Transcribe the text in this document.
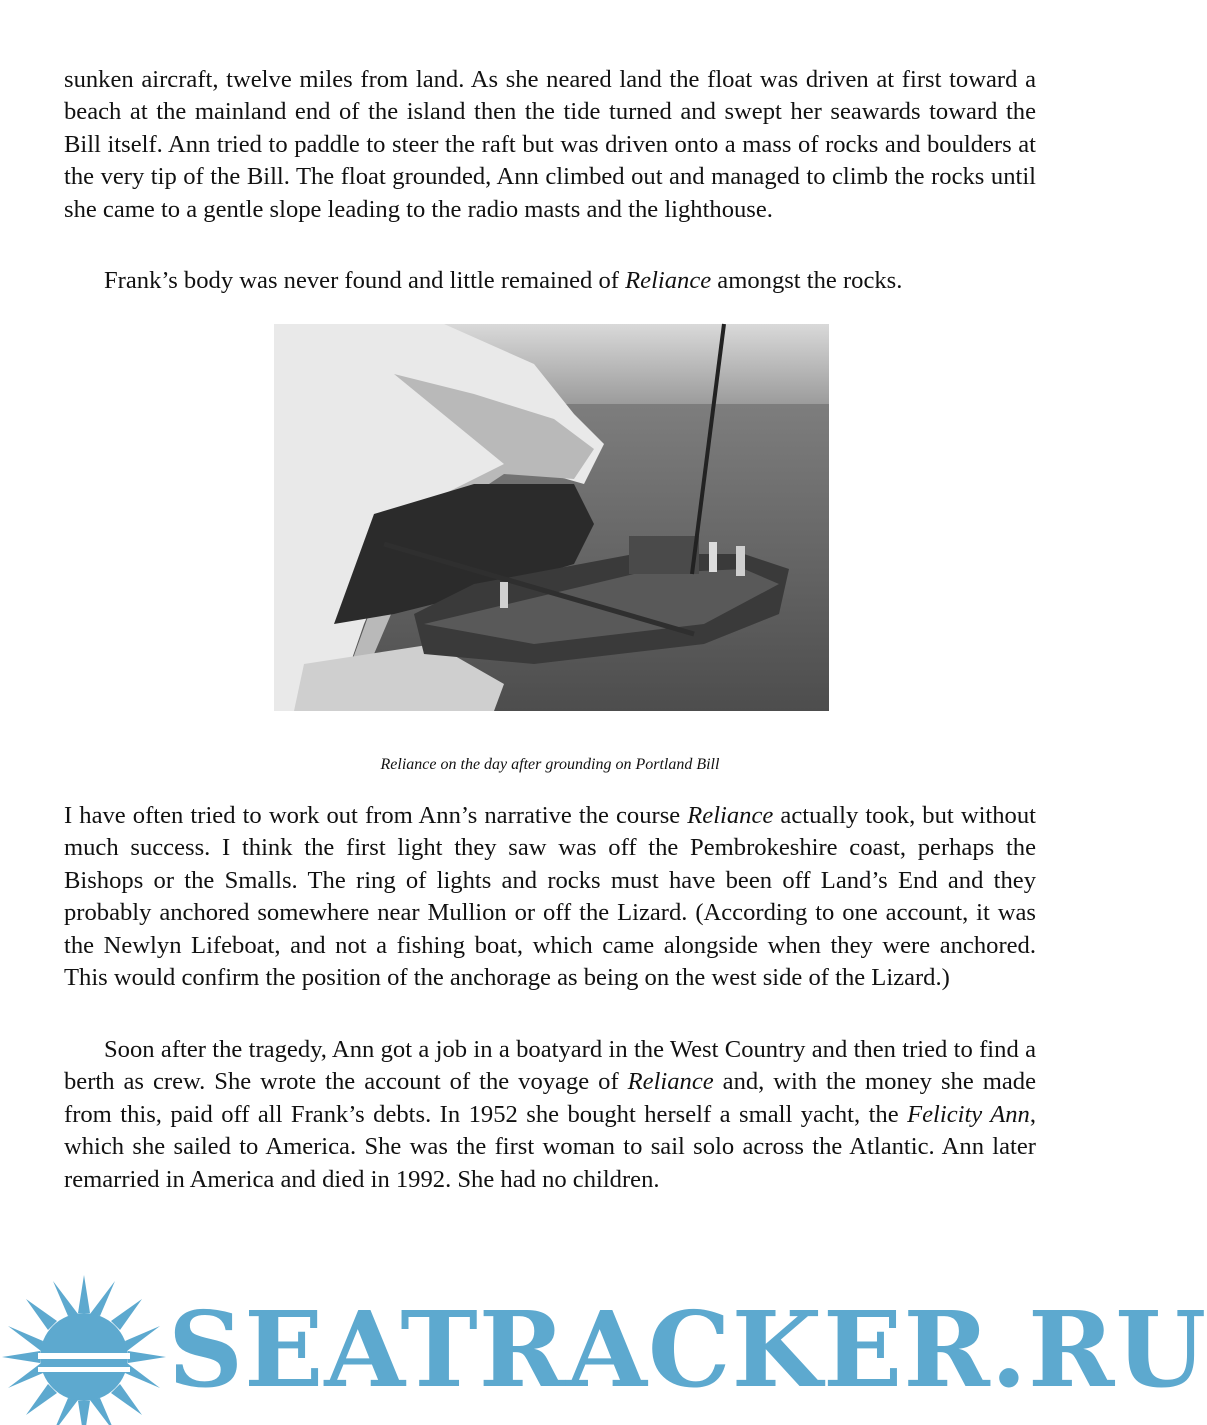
sunken aircraft, twelve miles from land. As she neared land the float was driven at first toward a beach at the mainland end of the island then the tide turned and swept her seawards toward the Bill itself. Ann tried to paddle to steer the raft but was driven onto a mass of rocks and boulders at the very tip of the Bill. The float grounded, Ann climbed out and managed to climb the rocks until she came to a gentle slope leading to the radio masts and the lighthouse.

Frank’s body was never found and little remained of Reliance amongst the rocks.

Reliance on the day after grounding on Portland Bill

I have often tried to work out from Ann’s narrative the course Reliance actually took, but without much success. I think the first light they saw was off the Pembrokeshire coast, perhaps the Bishops or the Smalls. The ring of lights and rocks must have been off Land’s End and they probably anchored somewhere near Mullion or off the Lizard. (According to one account, it was the Newlyn Lifeboat, and not a fishing boat, which came alongside when they were anchored. This would confirm the position of the anchorage as being on the west side of the Lizard.)

Soon after the tragedy, Ann got a job in a boatyard in the West Country and then tried to find a berth as crew. She wrote the account of the voyage of Reliance and, with the money she made from this, paid off all Frank’s debts. In 1952 she bought herself a small yacht, the Felicity Ann, which she sailed to America. She was the first woman to sail solo across the Atlantic. Ann later remarried in America and died in 1992. She had no children.

SEATRACKER.RU
